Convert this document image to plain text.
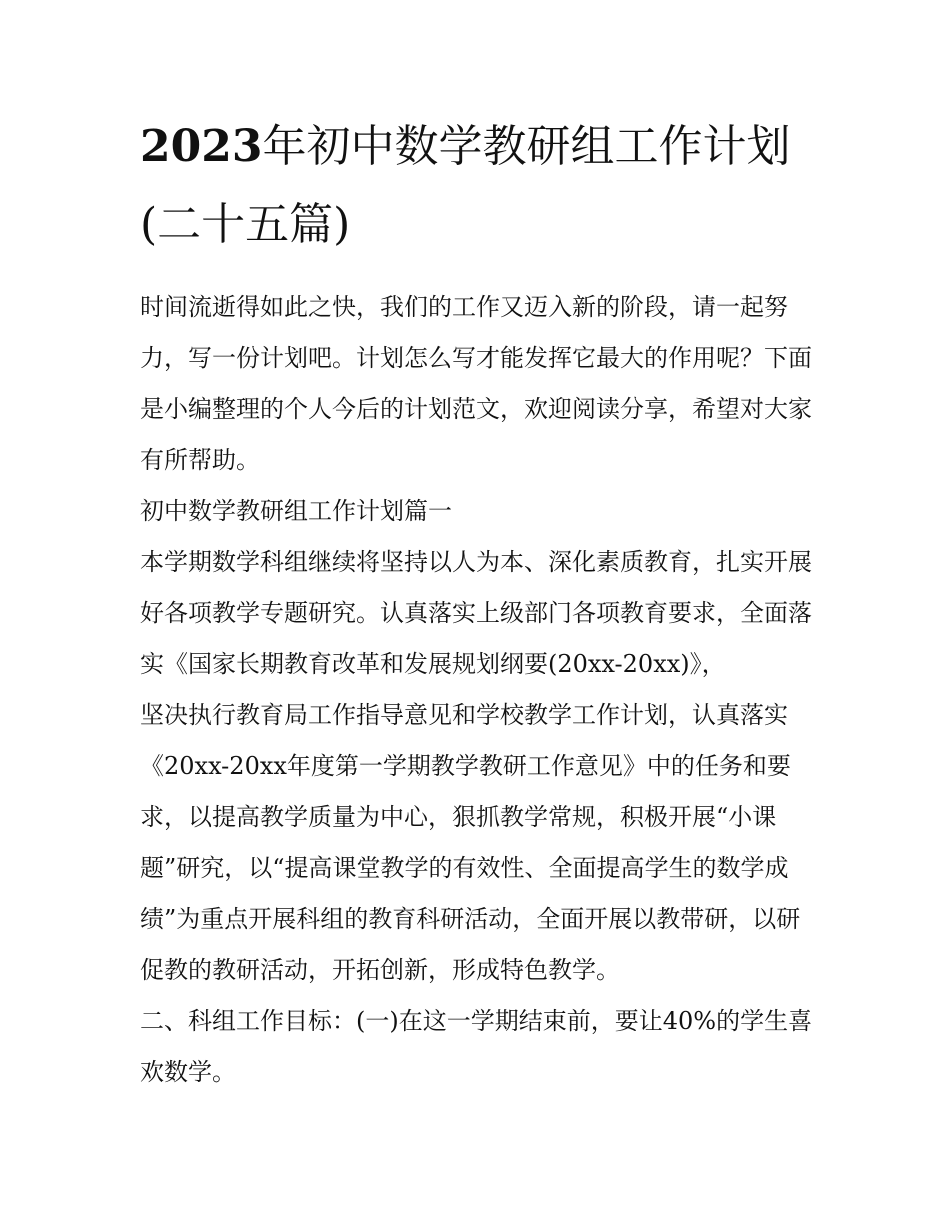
2023年初中数学教研组工作计划(二十五篇)

时间流逝得如此之快，我们的工作又迈入新的阶段，请一起努力，写一份计划吧。计划怎么写才能发挥它最大的作用呢？下面是小编整理的个人今后的计划范文，欢迎阅读分享，希望对大家有所帮助。

初中数学教研组工作计划篇一

本学期数学科组继续将坚持以人为本、深化素质教育，扎实开展好各项教学专题研究。认真落实上级部门各项教育要求，全面落实《国家长期教育改革和发展规划纲要(20xx-20xx)》，

坚决执行教育局工作指导意见和学校教学工作计划，认真落实《20xx-20xx年度第一学期教学教研工作意见》中的任务和要求，以提高教学质量为中心，狠抓教学常规，积极开展“小课题”研究，以“提高课堂教学的有效性、全面提高学生的数学成绩”为重点开展科组的教育科研活动，全面开展以教带研，以研促教的教研活动，开拓创新，形成特色教学。

二、科组工作目标：(一)在这一学期结束前，要让40%的学生喜欢数学。
